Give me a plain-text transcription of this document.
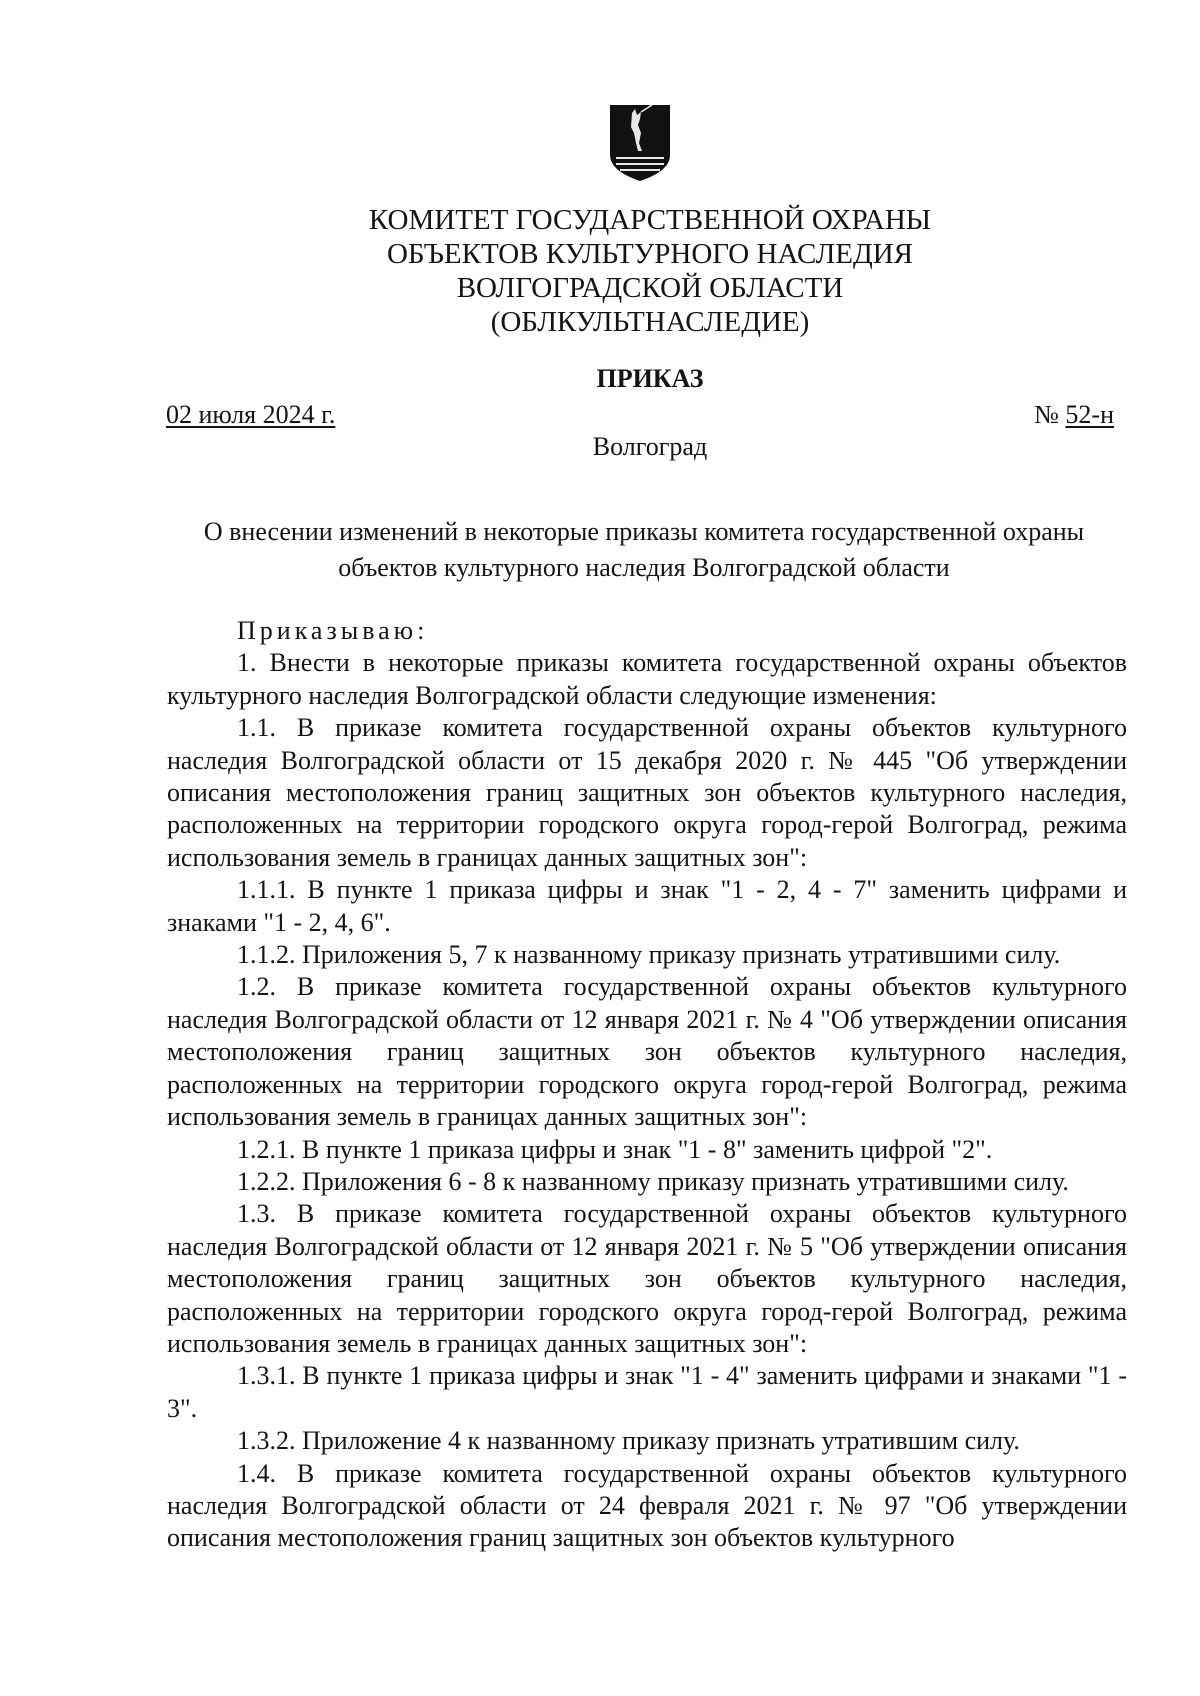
КОМИТЕТ ГОСУДАРСТВЕННОЙ ОХРАНЫ
ОБЪЕКТОВ КУЛЬТУРНОГО НАСЛЕДИЯ
ВОЛГОГРАДСКОЙ ОБЛАСТИ
(ОБЛКУЛЬТНАСЛЕДИЕ)
ПРИКАЗ
02 июля 2024 г.	№ 52-н
Волгоград
О внесении изменений в некоторые приказы комитета государственной охраны
объектов культурного наследия Волгоградской области

Приказываю:

1. Внести в некоторые приказы комитета государственной охраны объектов культурного наследия Волгоградской области следующие изменения:

1.1. В приказе комитета государственной охраны объектов культурного наследия Волгоградской области от 15 декабря 2020 г. № 445 "Об утверждении описания местоположения границ защитных зон объектов культурного наследия, расположенных на территории городского округа город-герой Волгоград, режима использования земель в границах данных защитных зон":

1.1.1. В пункте 1 приказа цифры и знак "1 - 2, 4 - 7" заменить цифрами и знаками "1 - 2, 4, 6".

1.1.2. Приложения 5, 7 к названному приказу признать утратившими силу.

1.2. В приказе комитета государственной охраны объектов культурного наследия Волгоградской области от 12 января 2021 г. № 4 "Об утверждении описания местоположения границ защитных зон объектов культурного наследия, расположенных на территории городского округа город-герой Волгоград, режима использования земель в границах данных защитных зон":

1.2.1. В пункте 1 приказа цифры и знак "1 - 8" заменить цифрой "2".

1.2.2. Приложения 6 - 8 к названному приказу признать утратившими силу.

1.3. В приказе комитета государственной охраны объектов культурного наследия Волгоградской области от 12 января 2021 г. № 5 "Об утверждении описания местоположения границ защитных зон объектов культурного наследия, расположенных на территории городского округа город-герой Волгоград, режима использования земель в границах данных защитных зон":

1.3.1. В пункте 1 приказа цифры и знак "1 - 4" заменить цифрами и знаками "1 - 3".

1.3.2. Приложение 4 к названному приказу признать утратившим силу.

1.4. В приказе комитета государственной охраны объектов культурного наследия Волгоградской области от 24 февраля 2021 г. № 97 "Об утверждении описания местоположения границ защитных зон объектов культурного
